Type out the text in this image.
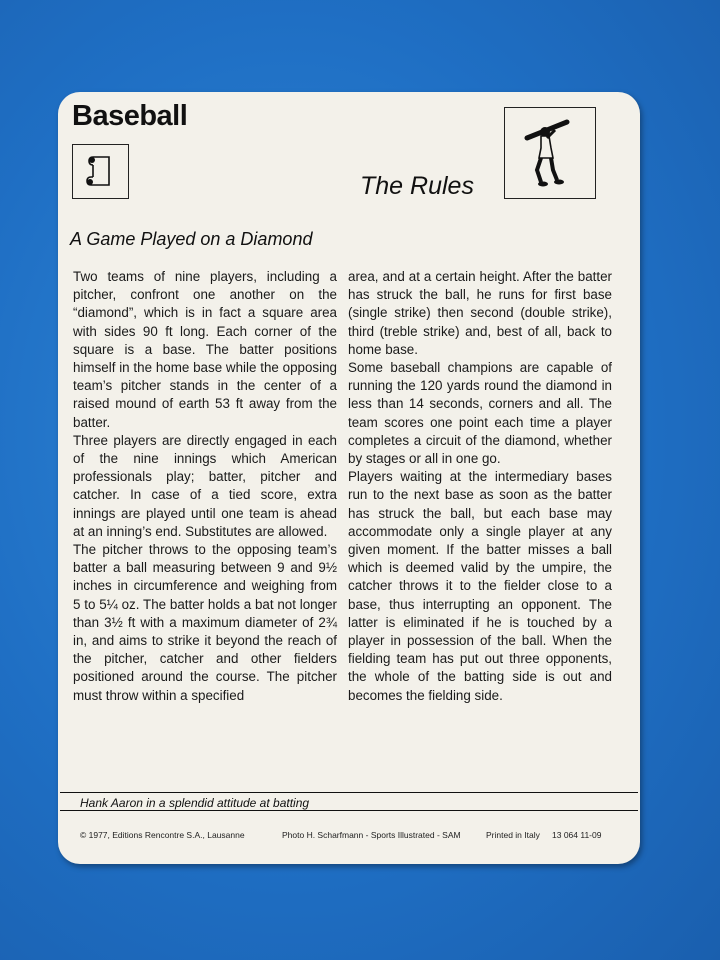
Baseball
The Rules
A Game Played on a Diamond

Two teams of nine players, including a pitcher, confront one another on the “diamond”, which is in fact a square area with sides 90 ft long. Each corner of the square is a base. The batter positions himself in the home base while the opposing team’s pitcher stands in the center of a raised mound of earth 53 ft away from the batter.

Three players are directly engaged in each of the nine innings which American professionals play; batter, pitcher and catcher. In case of a tied score, extra innings are played until one team is ahead at an inning’s end. Substitutes are allowed.

The pitcher throws to the opposing team’s batter a ball measuring between 9 and 9½ inches in circumference and weighing from 5 to 5¼ oz. The batter holds a bat not longer than 3½ ft with a maximum diameter of 2¾ in, and aims to strike it beyond the reach of the pitcher, catcher and other fielders positioned around the course. The pitcher must throw within a specified

area, and at a certain height. After the batter has struck the ball, he runs for first base (single strike) then second (double strike), third (treble strike) and, best of all, back to home base.

Some baseball champions are capable of running the 120 yards round the diamond in less than 14 seconds, corners and all. The team scores one point each time a player completes a circuit of the diamond, whether by stages or all in one go.

Players waiting at the intermediary bases run to the next base as soon as the batter has struck the ball, but each base may accommodate only a single player at any given moment. If the batter misses a ball which is deemed valid by the umpire, the catcher throws it to the fielder close to a base, thus interrupting an opponent. The latter is eliminated if he is touched by a player in possession of the ball. When the fielding team has put out three opponents, the whole of the batting side is out and becomes the fielding side.

Hank Aaron in a splendid attitude at batting
© 1977, Editions Rencontre S.A., Lausanne	Photo H. Scharfmann - Sports Illustrated - SAM	Printed in Italy 13 064 11-09
